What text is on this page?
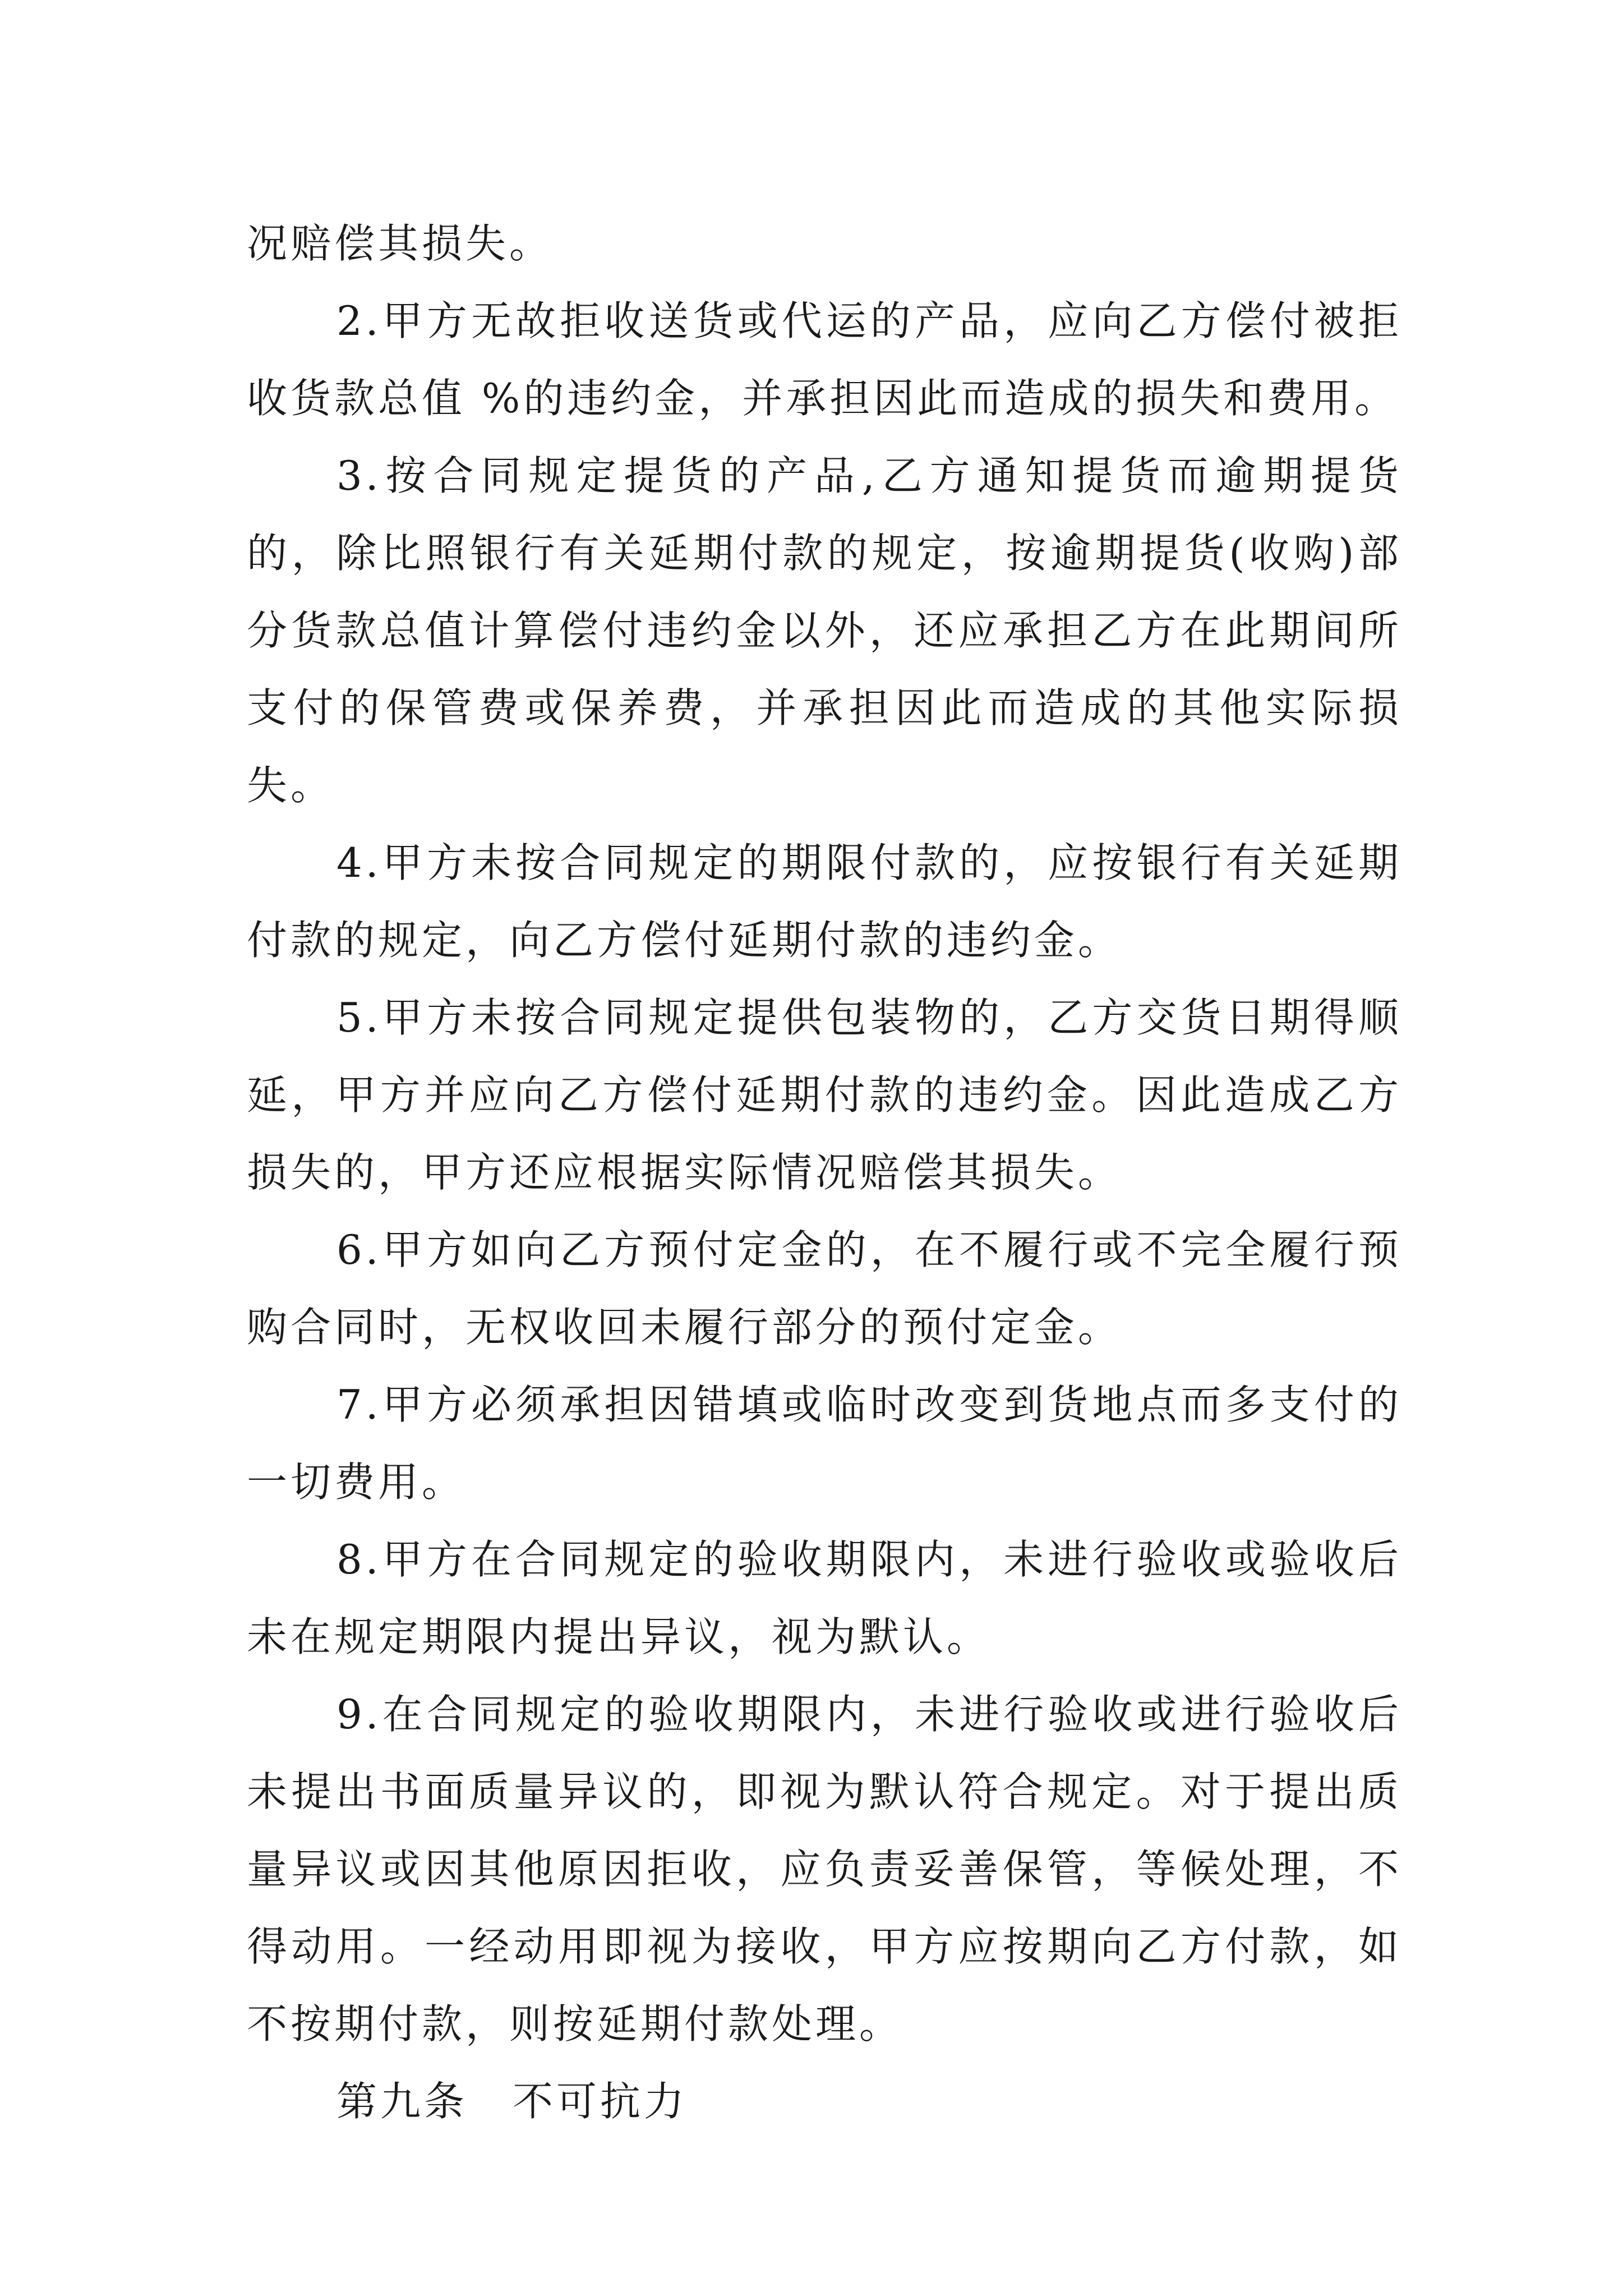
况赔偿其损失。

2.甲方无故拒收送货或代运的产品，应向乙方偿付被拒收货款总值 %的违约金，并承担因此而造成的损失和费用。

3.按合同规定提货的产品,乙方通知提货而逾期提货的，除比照银行有关延期付款的规定，按逾期提货(收购)部分货款总值计算偿付违约金以外，还应承担乙方在此期间所支付的保管费或保养费，并承担因此而造成的其他实际损失。

4.甲方未按合同规定的期限付款的，应按银行有关延期付款的规定，向乙方偿付延期付款的违约金。

5.甲方未按合同规定提供包装物的，乙方交货日期得顺延，甲方并应向乙方偿付延期付款的违约金。因此造成乙方损失的，甲方还应根据实际情况赔偿其损失。

6.甲方如向乙方预付定金的，在不履行或不完全履行预购合同时，无权收回未履行部分的预付定金。

7.甲方必须承担因错填或临时改变到货地点而多支付的一切费用。

8.甲方在合同规定的验收期限内，未进行验收或验收后未在规定期限内提出异议，视为默认。

9.在合同规定的验收期限内，未进行验收或进行验收后未提出书面质量异议的，即视为默认符合规定。对于提出质量异议或因其他原因拒收，应负责妥善保管，等候处理，不得动用。一经动用即视为接收，甲方应按期向乙方付款，如不按期付款，则按延期付款处理。

第九条 不可抗力
